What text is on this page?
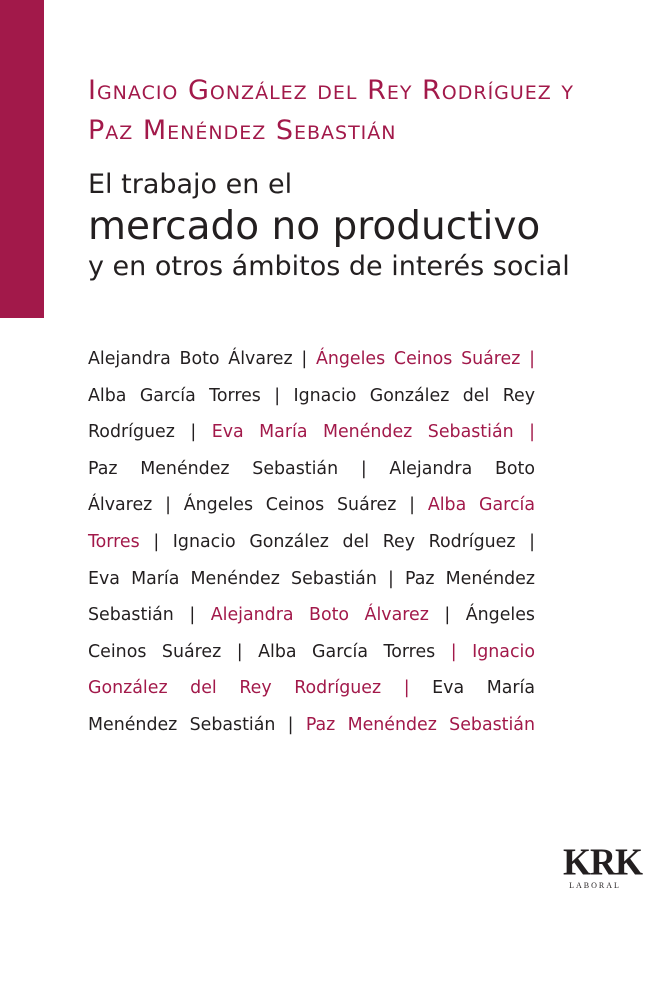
Ignacio González del Rey Rodríguez y
Paz Menéndez Sebastián
El trabajo en el
mercado no productivo
y en otros ámbitos de interés social
Alejandra Boto Álvarez | Ángeles Ceinos Suárez |
Alba García Torres | Ignacio González del Rey
Rodríguez | Eva María Menéndez Sebastián |
Paz Menéndez Sebastián | Alejandra Boto
Álvarez | Ángeles Ceinos Suárez | Alba García
Torres | Ignacio González del Rey Rodríguez |
Eva María Menéndez Sebastián | Paz Menéndez
Sebastián | Alejandra Boto Álvarez | Ángeles
Ceinos Suárez | Alba García Torres | Ignacio
González del Rey Rodríguez | Eva María
Menéndez Sebastián | Paz Menéndez Sebastián
KRK
LABORAL
